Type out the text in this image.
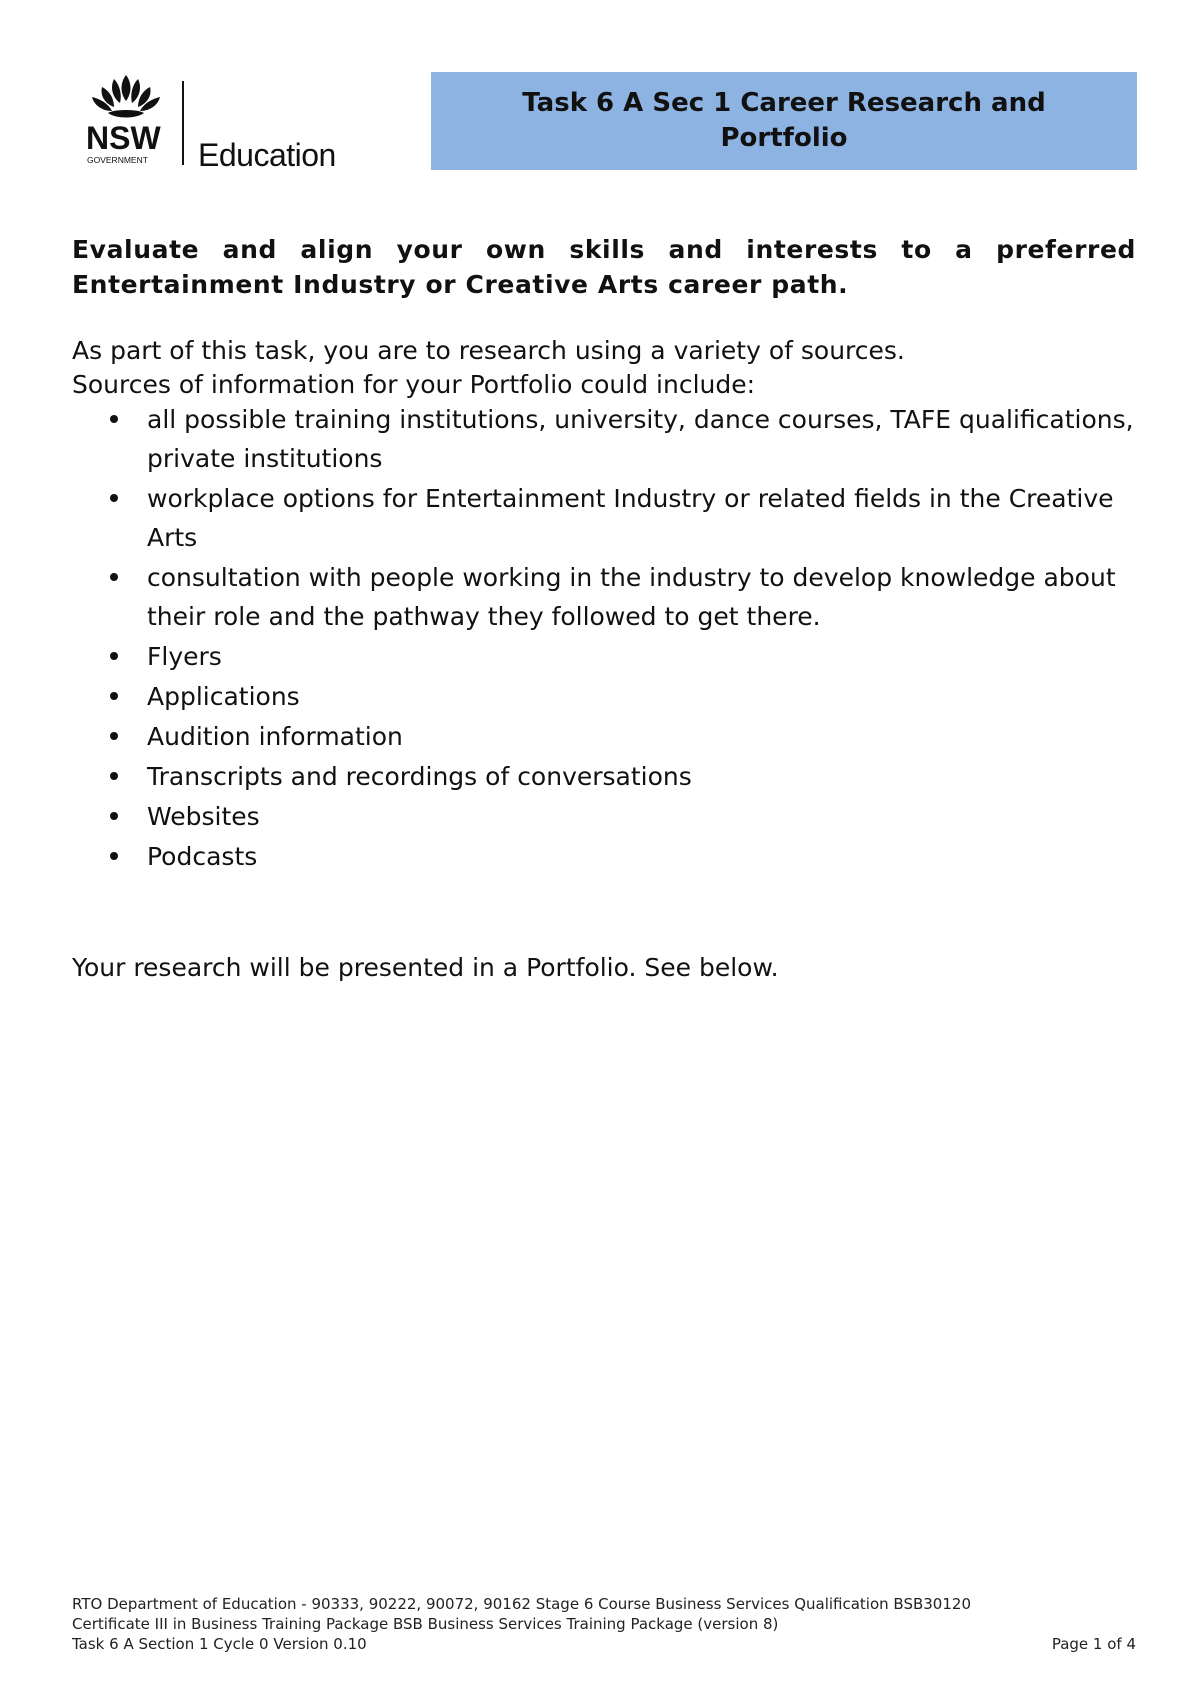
NSW
GOVERNMENT Education
Task 6 A Sec 1 Career Research and Portfolio

Evaluate and align your own skills and interests to a preferred Entertainment Industry or Creative Arts career path.

As part of this task, you are to research using a variety of sources.

Sources of information for your Portfolio could include:

all possible training institutions, university, dance courses, TAFE qualifications, private institutions
workplace options for Entertainment Industry or related fields in the Creative Arts
consultation with people working in the industry to develop knowledge about their role and the pathway they followed to get there.
Flyers
Applications
Audition information
Transcripts and recordings of conversations
Websites
Podcasts

Your research will be presented in a Portfolio. See below.

RTO Department of Education - 90333, 90222, 90072, 90162 Stage 6 Course Business Services Qualification BSB30120
Certificate III in Business Training Package BSB Business Services Training Package (version 8)
Task 6 A Section 1 Cycle 0 Version 0.10	Page 1 of 4
